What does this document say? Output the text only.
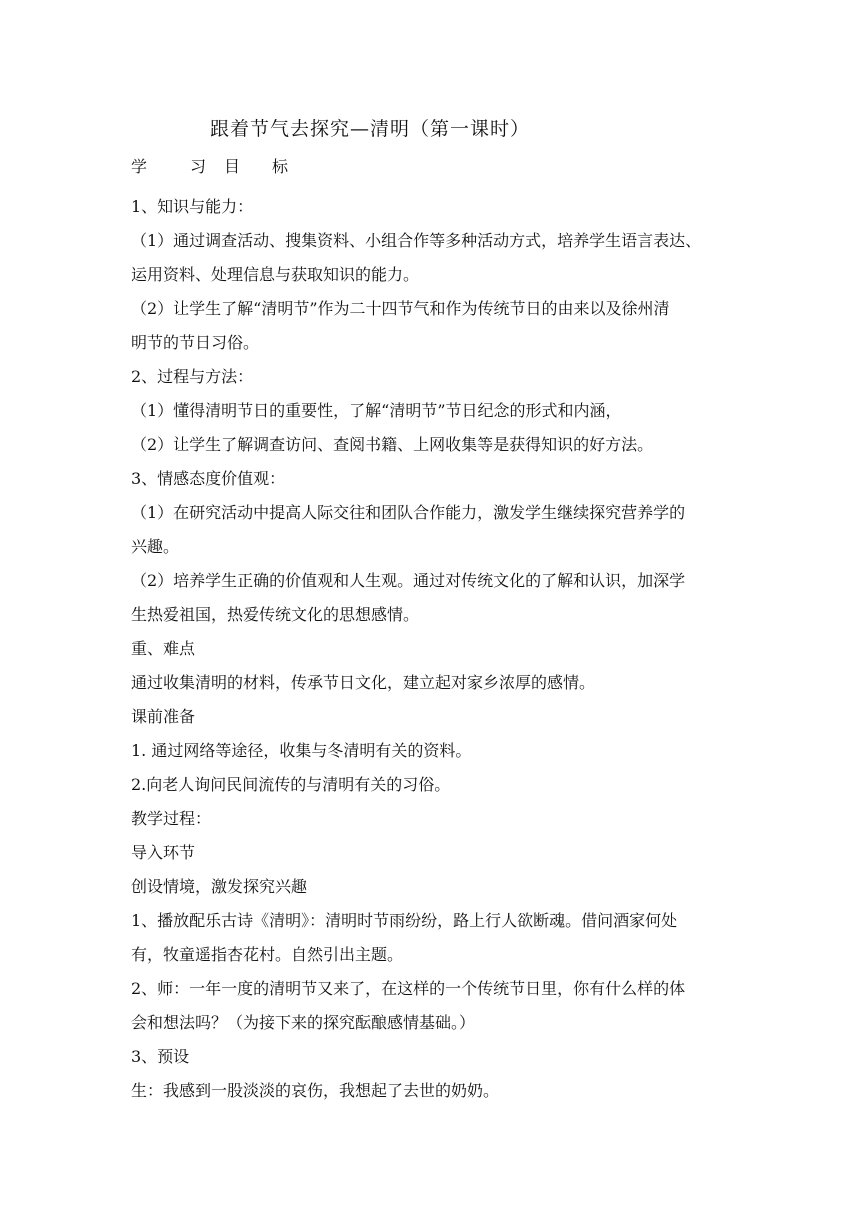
跟着节气去探究—清明（第一课时）
学	习 目 标

1、知识与能力：

（1）通过调查活动、搜集资料、小组合作等多种活动方式，培养学生语言表达、

运用资料、处理信息与获取知识的能力。

（2）让学生了解“清明节”作为二十四节气和作为传统节日的由来以及徐州清

明节的节日习俗。

2、过程与方法：

（1）懂得清明节日的重要性，了解“清明节”节日纪念的形式和内涵，

（2）让学生了解调查访问、查阅书籍、上网收集等是获得知识的好方法。

3、情感态度价值观：

（1）在研究活动中提高人际交往和团队合作能力，激发学生继续探究营养学的

兴趣。

（2）培养学生正确的价值观和人生观。通过对传统文化的了解和认识，加深学

生热爱祖国，热爱传统文化的思想感情。

重、难点

通过收集清明的材料，传承节日文化，建立起对家乡浓厚的感情。

课前准备

1. 通过网络等途径，收集与冬清明有关的资料。

2.向老人询问民间流传的与清明有关的习俗。

教学过程：

导入环节

创设情境，激发探究兴趣

1、播放配乐古诗《清明》：清明时节雨纷纷，路上行人欲断魂。借问酒家何处

有，牧童遥指杏花村。自然引出主题。

2、师：一年一度的清明节又来了，在这样的一个传统节日里，你有什么样的体

会和想法吗？（为接下来的探究酝酿感情基础。）

3、预设

生：我感到一股淡淡的哀伤，我想起了去世的奶奶。
